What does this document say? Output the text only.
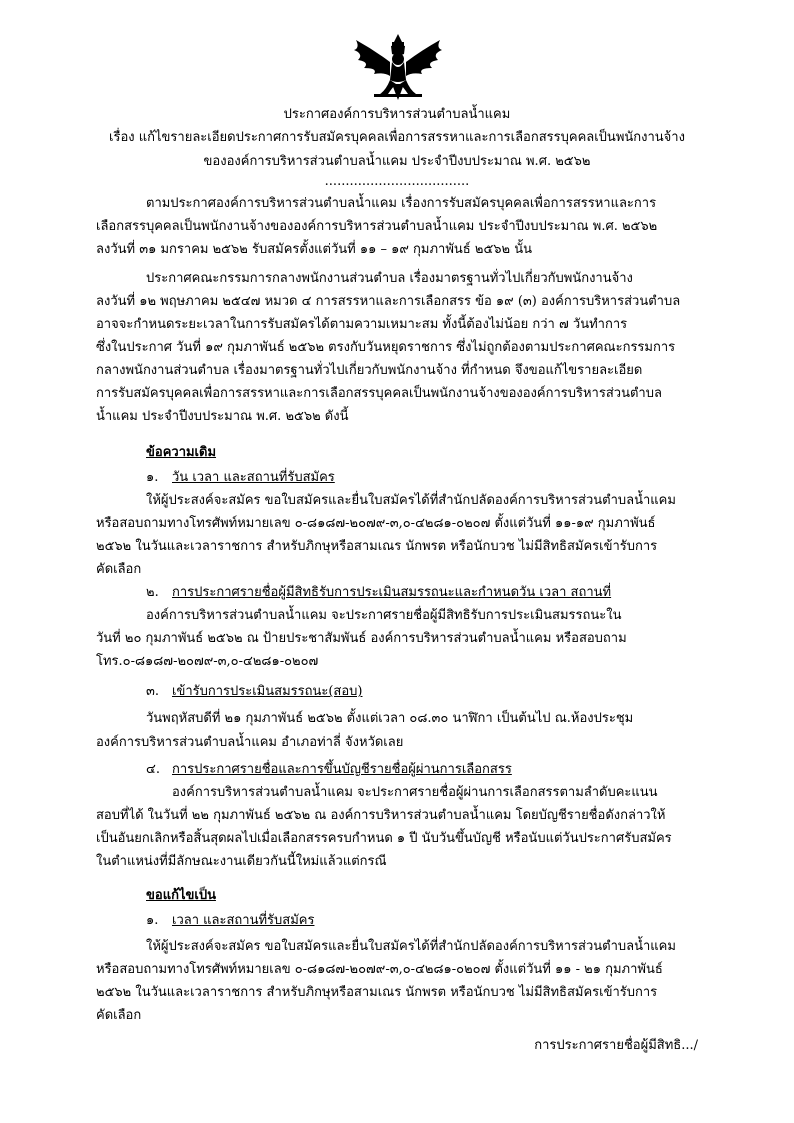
ประกาศองค์การบริหารส่วนตำบลน้ำแคม
เรื่อง แก้ไขรายละเอียดประกาศการรับสมัครบุคคลเพื่อการสรรหาและการเลือกสรรบุคคลเป็นพนักงานจ้าง
ขององค์การบริหารส่วนตำบลน้ำแคม ประจำปีงบประมาณ พ.ศ. ๒๕๖๒
...................................
ตามประกาศองค์การบริหารส่วนตำบลน้ำแคม เรื่องการรับสมัครบุคคลเพื่อการสรรหาและการ
เลือกสรรบุคคลเป็นพนักงานจ้างขององค์การบริหารส่วนตำบลน้ำแคม ประจำปีงบประมาณ พ.ศ. ๒๕๖๒
ลงวันที่ ๓๑ มกราคม ๒๕๖๒ รับสมัครตั้งแต่วันที่ ๑๑ – ๑๙ กุมภาพันธ์ ๒๕๖๒ นั้น
ประกาศคณะกรรมการกลางพนักงานส่วนตำบล เรื่องมาตรฐานทั่วไปเกี่ยวกับพนักงานจ้าง
ลงวันที่ ๑๒ พฤษภาคม ๒๕๔๗ หมวด ๔ การสรรหาและการเลือกสรร ข้อ ๑๙ (๓) องค์การบริหารส่วนตำบล
อาจจะกำหนดระยะเวลาในการรับสมัครได้ตามความเหมาะสม ทั้งนี้ต้องไม่น้อย กว่า ๗ วันทำการ
ซึ่งในประกาศ วันที่ ๑๙ กุมภาพันธ์ ๒๕๖๒ ตรงกับวันหยุดราชการ ซึ่งไม่ถูกต้องตามประกาศคณะกรรมการ
กลางพนักงานส่วนตำบล เรื่องมาตรฐานทั่วไปเกี่ยวกับพนักงานจ้าง ที่กำหนด จึงขอแก้ไขรายละเอียด
การรับสมัครบุคคลเพื่อการสรรหาและการเลือกสรรบุคคลเป็นพนักงานจ้างขององค์การบริหารส่วนตำบล
น้ำแคม ประจำปีงบประมาณ พ.ศ. ๒๕๖๒ ดังนี้
ข้อความเดิม
๑. วัน เวลา และสถานที่รับสมัคร
ให้ผู้ประสงค์จะสมัคร ขอใบสมัครและยื่นใบสมัครได้ที่สำนักปลัดองค์การบริหารส่วนตำบลน้ำแคม
หรือสอบถามทางโทรศัพท์หมายเลข ๐-๘๑๘๗-๒๐๗๙-๓,๐-๔๒๘๑-๐๒๐๗ ตั้งแต่วันที่ ๑๑-๑๙ กุมภาพันธ์
๒๕๖๒ ในวันและเวลาราชการ สำหรับภิกษุหรือสามเณร นักพรต หรือนักบวช ไม่มีสิทธิสมัครเข้ารับการ
คัดเลือก
๒. การประกาศรายชื่อผู้มีสิทธิรับการประเมินสมรรถนะและกำหนดวัน เวลา สถานที่
องค์การบริหารส่วนตำบลน้ำแคม จะประกาศรายชื่อผู้มีสิทธิรับการประเมินสมรรถนะใน
วันที่ ๒๐ กุมภาพันธ์ ๒๕๖๒ ณ ป้ายประชาสัมพันธ์ องค์การบริหารส่วนตำบลน้ำแคม หรือสอบถาม
โทร.๐-๘๑๘๗-๒๐๗๙-๓,๐-๔๒๘๑-๐๒๐๗
๓. เข้ารับการประเมินสมรรถนะ(สอบ)
วันพฤหัสบดีที่ ๒๑ กุมภาพันธ์ ๒๕๖๒ ตั้งแต่เวลา ๐๘.๓๐ นาฬิกา เป็นต้นไป ณ.ห้องประชุม
องค์การบริหารส่วนตำบลน้ำแคม อำเภอท่าลี่ จังหวัดเลย
๔. การประกาศรายชื่อและการขึ้นบัญชีรายชื่อผู้ผ่านการเลือกสรร
องค์การบริหารส่วนตำบลน้ำแคม จะประกาศรายชื่อผู้ผ่านการเลือกสรรตามลำดับคะแนน
สอบที่ได้ ในวันที่ ๒๒ กุมภาพันธ์ ๒๕๖๒ ณ องค์การบริหารส่วนตำบลน้ำแคม โดยบัญชีรายชื่อดังกล่าวให้
เป็นอันยกเลิกหรือสิ้นสุดผลไปเมื่อเลือกสรรครบกำหนด ๑ ปี นับวันขึ้นบัญชี หรือนับแต่วันประกาศรับสมัคร
ในตำแหน่งที่มีลักษณะงานเดียวกันนี้ใหม่แล้วแต่กรณี
ขอแก้ไขเป็น
๑. เวลา และสถานที่รับสมัคร
ให้ผู้ประสงค์จะสมัคร ขอใบสมัครและยื่นใบสมัครได้ที่สำนักปลัดองค์การบริหารส่วนตำบลน้ำแคม
หรือสอบถามทางโทรศัพท์หมายเลข ๐-๘๑๘๗-๒๐๗๙-๓,๐-๔๒๘๑-๐๒๐๗ ตั้งแต่วันที่ ๑๑ - ๒๑ กุมภาพันธ์
๒๕๖๒ ในวันและเวลาราชการ สำหรับภิกษุหรือสามเณร นักพรต หรือนักบวช ไม่มีสิทธิสมัครเข้ารับการ
คัดเลือก
การประกาศรายชื่อผู้มีสิทธิ.../
